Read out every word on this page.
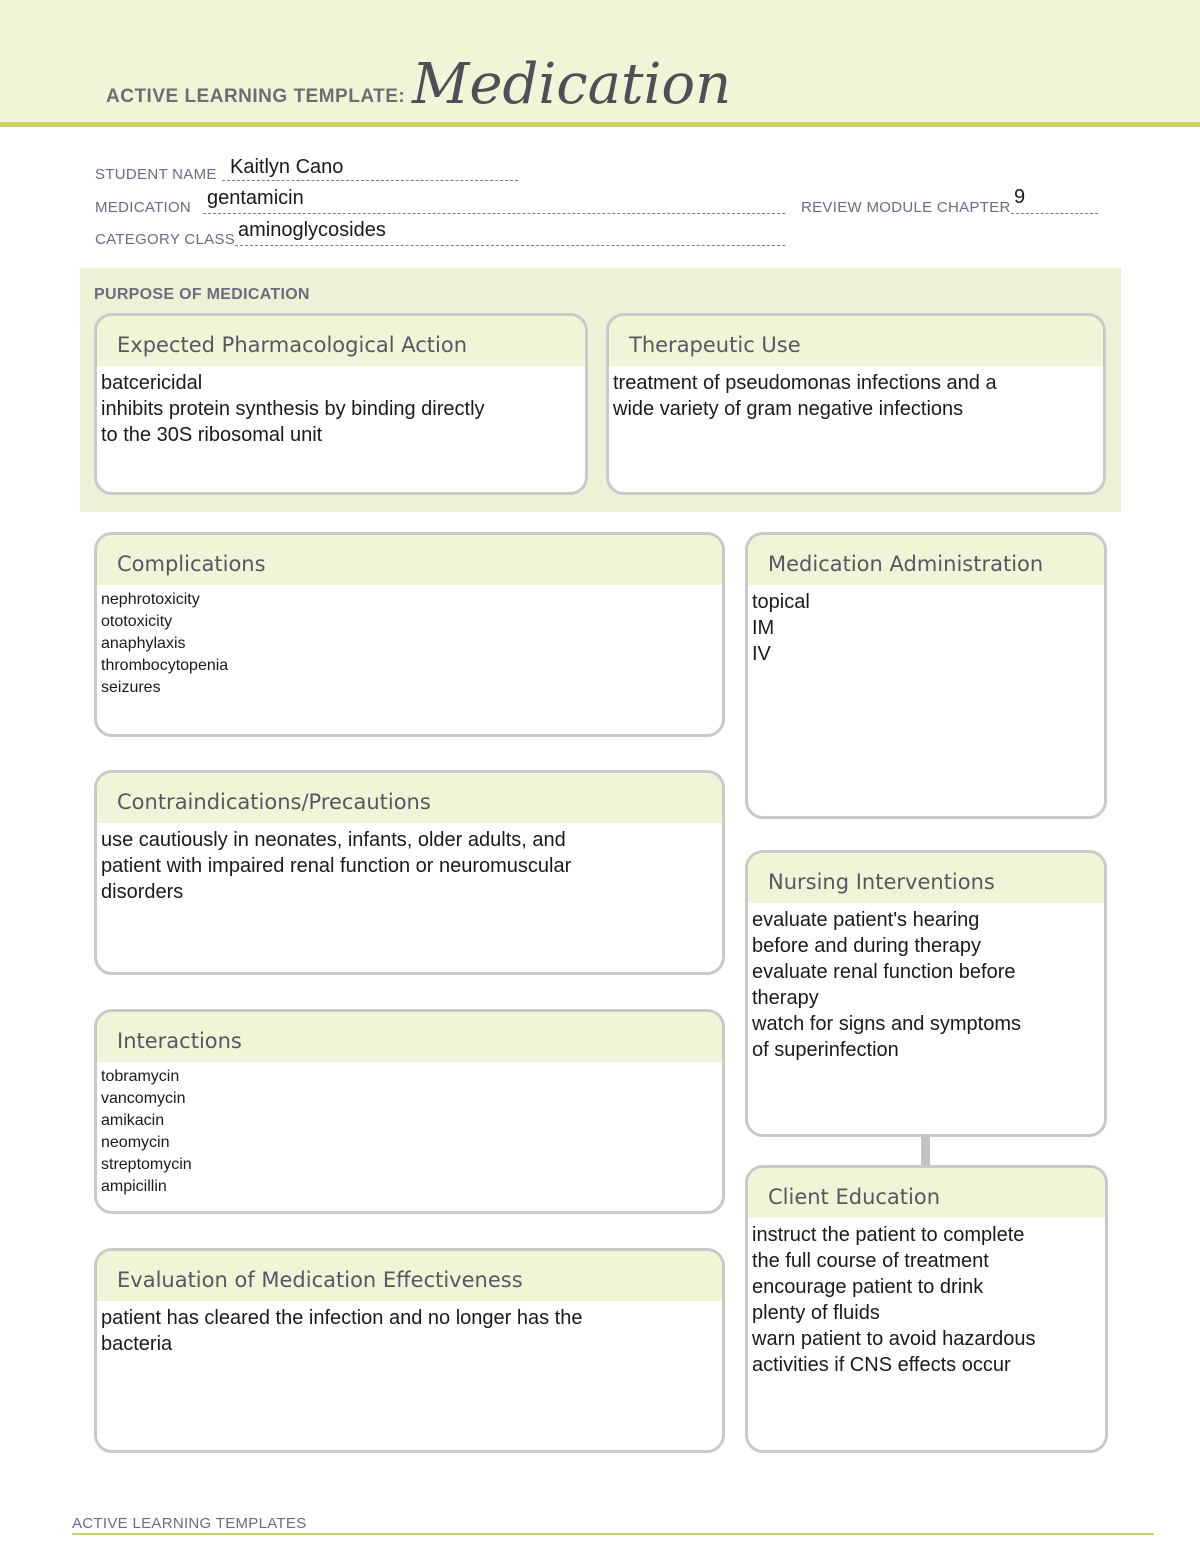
ACTIVE LEARNING TEMPLATE: Medication
STUDENT NAME Kaitlyn Cano
MEDICATION gentamicin	REVIEW MODULE CHAPTER 9
CATEGORY CLASS aminoglycosides
PURPOSE OF MEDICATION
Expected Pharmacological Action
batcericidal
inhibits protein synthesis by binding directly
to the 30S ribosomal unit
Therapeutic Use
treatment of pseudomonas infections and a
wide variety of gram negative infections
Complications
nephrotoxicity
ototoxicity
anaphylaxis
thrombocytopenia
seizures
Contraindications/Precautions
use cautiously in neonates, infants, older adults, and
patient with impaired renal function or neuromuscular
disorders
Interactions
tobramycin
vancomycin
amikacin
neomycin
streptomycin
ampicillin
Evaluation of Medication Effectiveness
patient has cleared the infection and no longer has the
bacteria
Medication Administration
topical
IM
IV
Nursing Interventions
evaluate patient's hearing
before and during therapy
evaluate renal function before
therapy
watch for signs and symptoms
of superinfection
Client Education
instruct the patient to complete
the full course of treatment
encourage patient to drink
plenty of fluids
warn patient to avoid hazardous
activities if CNS effects occur
ACTIVE LEARNING TEMPLATES
